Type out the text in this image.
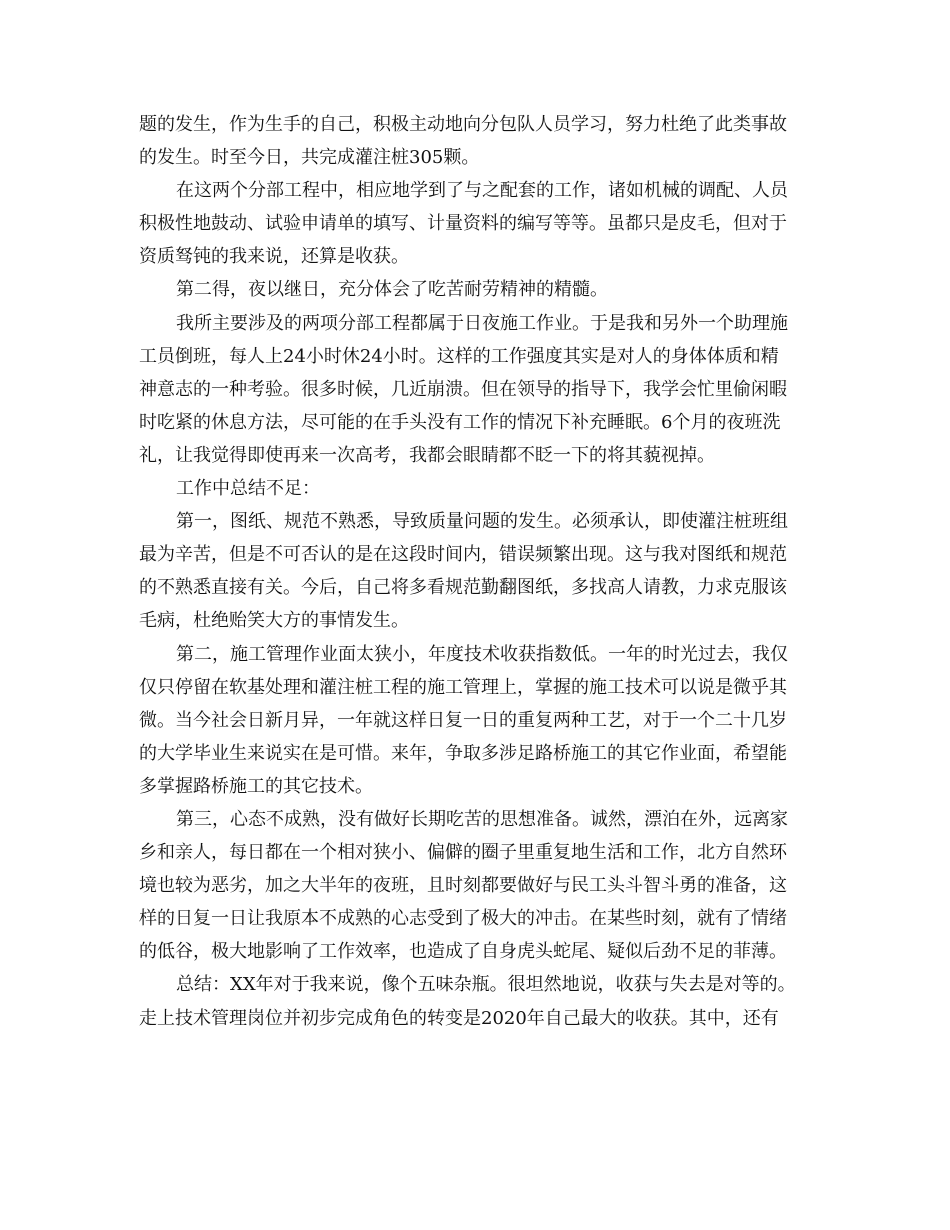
题的发生，作为生手的自己，积极主动地向分包队人员学习，努力杜绝了此类事故
的发生。时至今日，共完成灌注桩305颗。
在这两个分部工程中，相应地学到了与之配套的工作，诸如机械的调配、人员
积极性地鼓动、试验申请单的填写、计量资料的编写等等。虽都只是皮毛，但对于
资质驽钝的我来说，还算是收获。
第二得，夜以继日，充分体会了吃苦耐劳精神的精髓。
我所主要涉及的两项分部工程都属于日夜施工作业。于是我和另外一个助理施
工员倒班，每人上24小时休24小时。这样的工作强度其实是对人的身体体质和精
神意志的一种考验。很多时候，几近崩溃。但在领导的指导下，我学会忙里偷闲暇
时吃紧的休息方法，尽可能的在手头没有工作的情况下补充睡眠。6个月的夜班洗
礼，让我觉得即使再来一次高考，我都会眼睛都不眨一下的将其藐视掉。
工作中总结不足：
第一，图纸、规范不熟悉，导致质量问题的发生。必须承认，即使灌注桩班组
最为辛苦，但是不可否认的是在这段时间内，错误频繁出现。这与我对图纸和规范
的不熟悉直接有关。今后，自己将多看规范勤翻图纸，多找高人请教，力求克服该
毛病，杜绝贻笑大方的事情发生。
第二，施工管理作业面太狭小，年度技术收获指数低。一年的时光过去，我仅
仅只停留在软基处理和灌注桩工程的施工管理上，掌握的施工技术可以说是微乎其
微。当今社会日新月异，一年就这样日复一日的重复两种工艺，对于一个二十几岁
的大学毕业生来说实在是可惜。来年，争取多涉足路桥施工的其它作业面，希望能
多掌握路桥施工的其它技术。
第三，心态不成熟，没有做好长期吃苦的思想准备。诚然，漂泊在外，远离家
乡和亲人，每日都在一个相对狭小、偏僻的圈子里重复地生活和工作，北方自然环
境也较为恶劣，加之大半年的夜班，且时刻都要做好与民工头斗智斗勇的准备，这
样的日复一日让我原本不成熟的心志受到了极大的冲击。在某些时刻，就有了情绪
的低谷，极大地影响了工作效率，也造成了自身虎头蛇尾、疑似后劲不足的菲薄。
总结：XX年对于我来说，像个五味杂瓶。很坦然地说，收获与失去是对等的。
走上技术管理岗位并初步完成角色的转变是2020年自己最大的收获。其中，还有
